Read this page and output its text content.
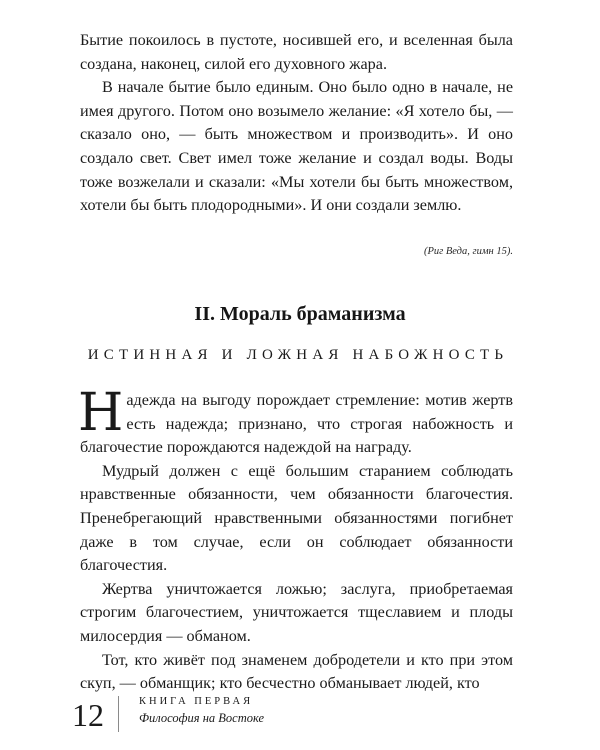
Бытие покоилось в пустоте, носившей его, и вселенная была создана, наконец, силой его духовного жара.

В начале бытие было единым. Оно было одно в начале, не имея другого. Потом оно возымело желание: «Я хотело бы, — сказало оно, — быть множеством и производить». И оно создало свет. Свет имел тоже желание и создал воды. Воды тоже возжелали и сказали: «Мы хотели бы быть множеством, хотели бы быть плодородными». И они создали землю.

(Риг Веда, гимн 15).
II. Мораль браманизма
ИСТИННАЯ И ЛОЖНАЯ НАБОЖНОСТЬ

Надежда на выгоду порождает стремление: мотив жертв есть надежда; признано, что строгая набожность и благочестие порождаются надеждой на награду.

Мудрый должен с ещё большим старанием соблюдать нравственные обязанности, чем обязанности благочестия. Пренебрегающий нравственными обязанностями погибнет даже в том случае, если он соблюдает обязанности благочестия.

Жертва уничтожается ложью; заслуга, приобретаемая строгим благочестием, уничтожается тщеславием и плоды милосердия — обманом.

Тот, кто живёт под знаменем добродетели и кто при этом скуп, — обманщик; кто бесчестно обманывает людей, кто

12	КНИГА ПЕРВАЯ
Философия на Востоке
